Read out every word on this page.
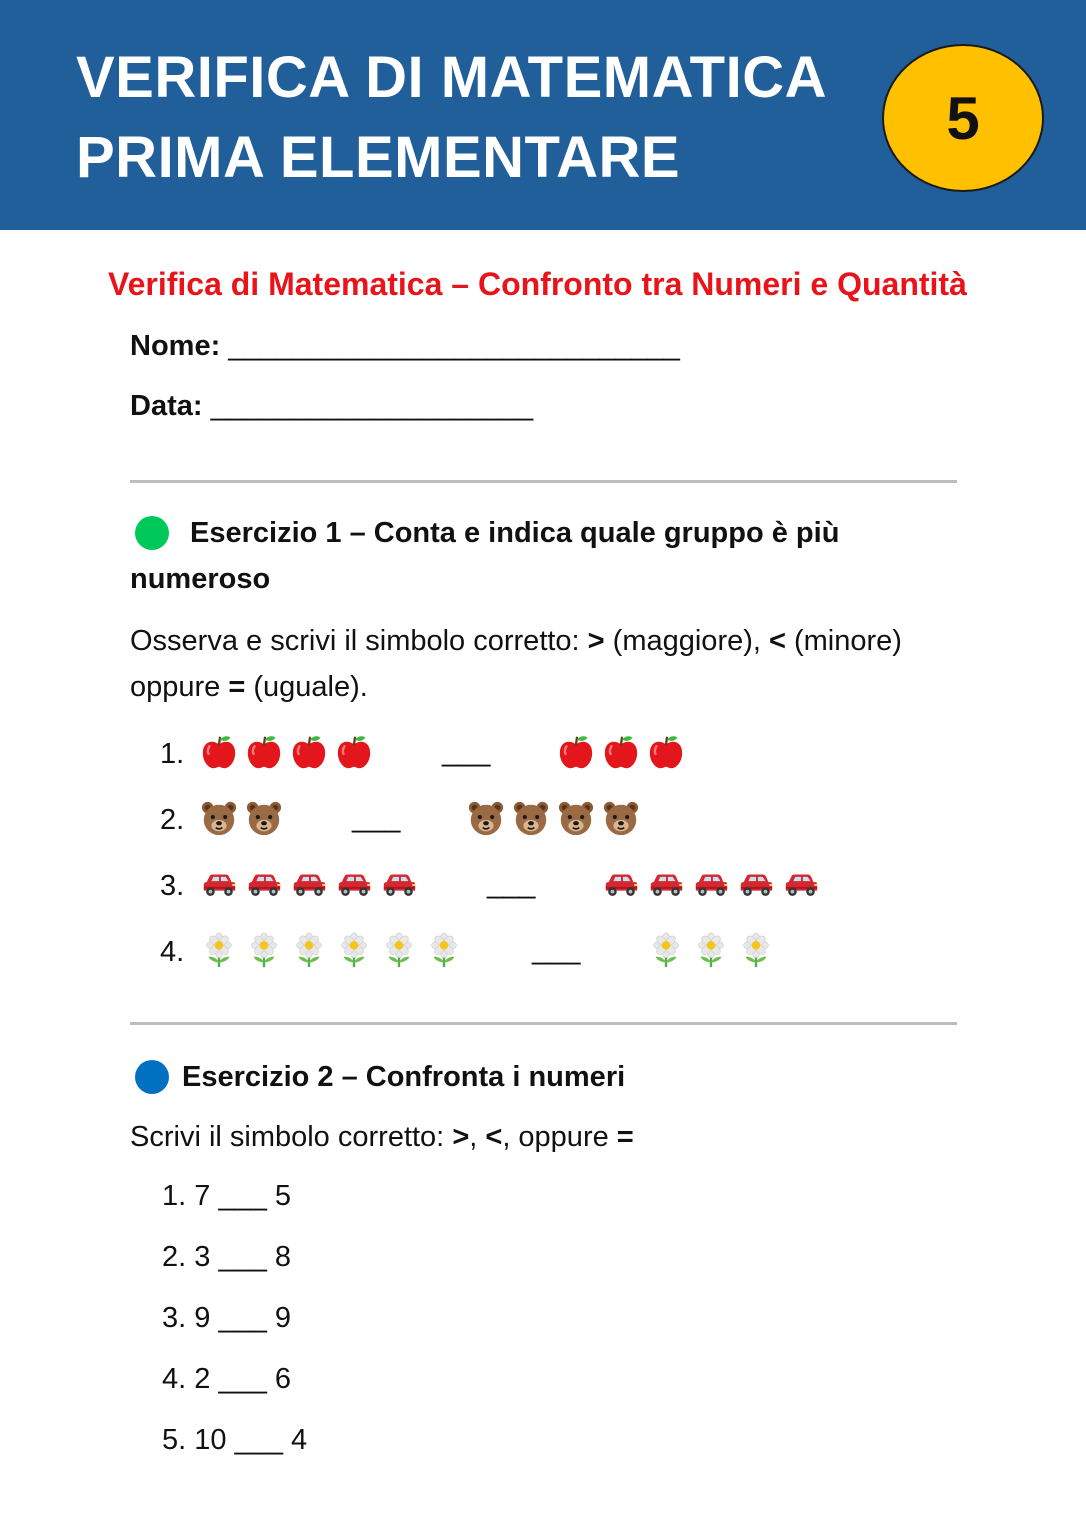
VERIFICA DI MATEMATICA
PRIMA ELEMENTARE
5
Verifica di Matematica – Confronto tra Numeri e Quantità
Nome: ____________________________
Data: ____________________
Esercizio 1 – Conta e indica quale gruppo è più
numeroso
Osserva e scrivi il simbolo corretto: > (maggiore), < (minore)
oppure = (uguale).
1.	___
2.	___
3.	___
4.	___
Esercizio 2 – Confronta i numeri
Scrivi il simbolo corretto: >, <, oppure =
1. 7 ___ 5
2. 3 ___ 8
3. 9 ___ 9
4. 2 ___ 6
5. 10 ___ 4
